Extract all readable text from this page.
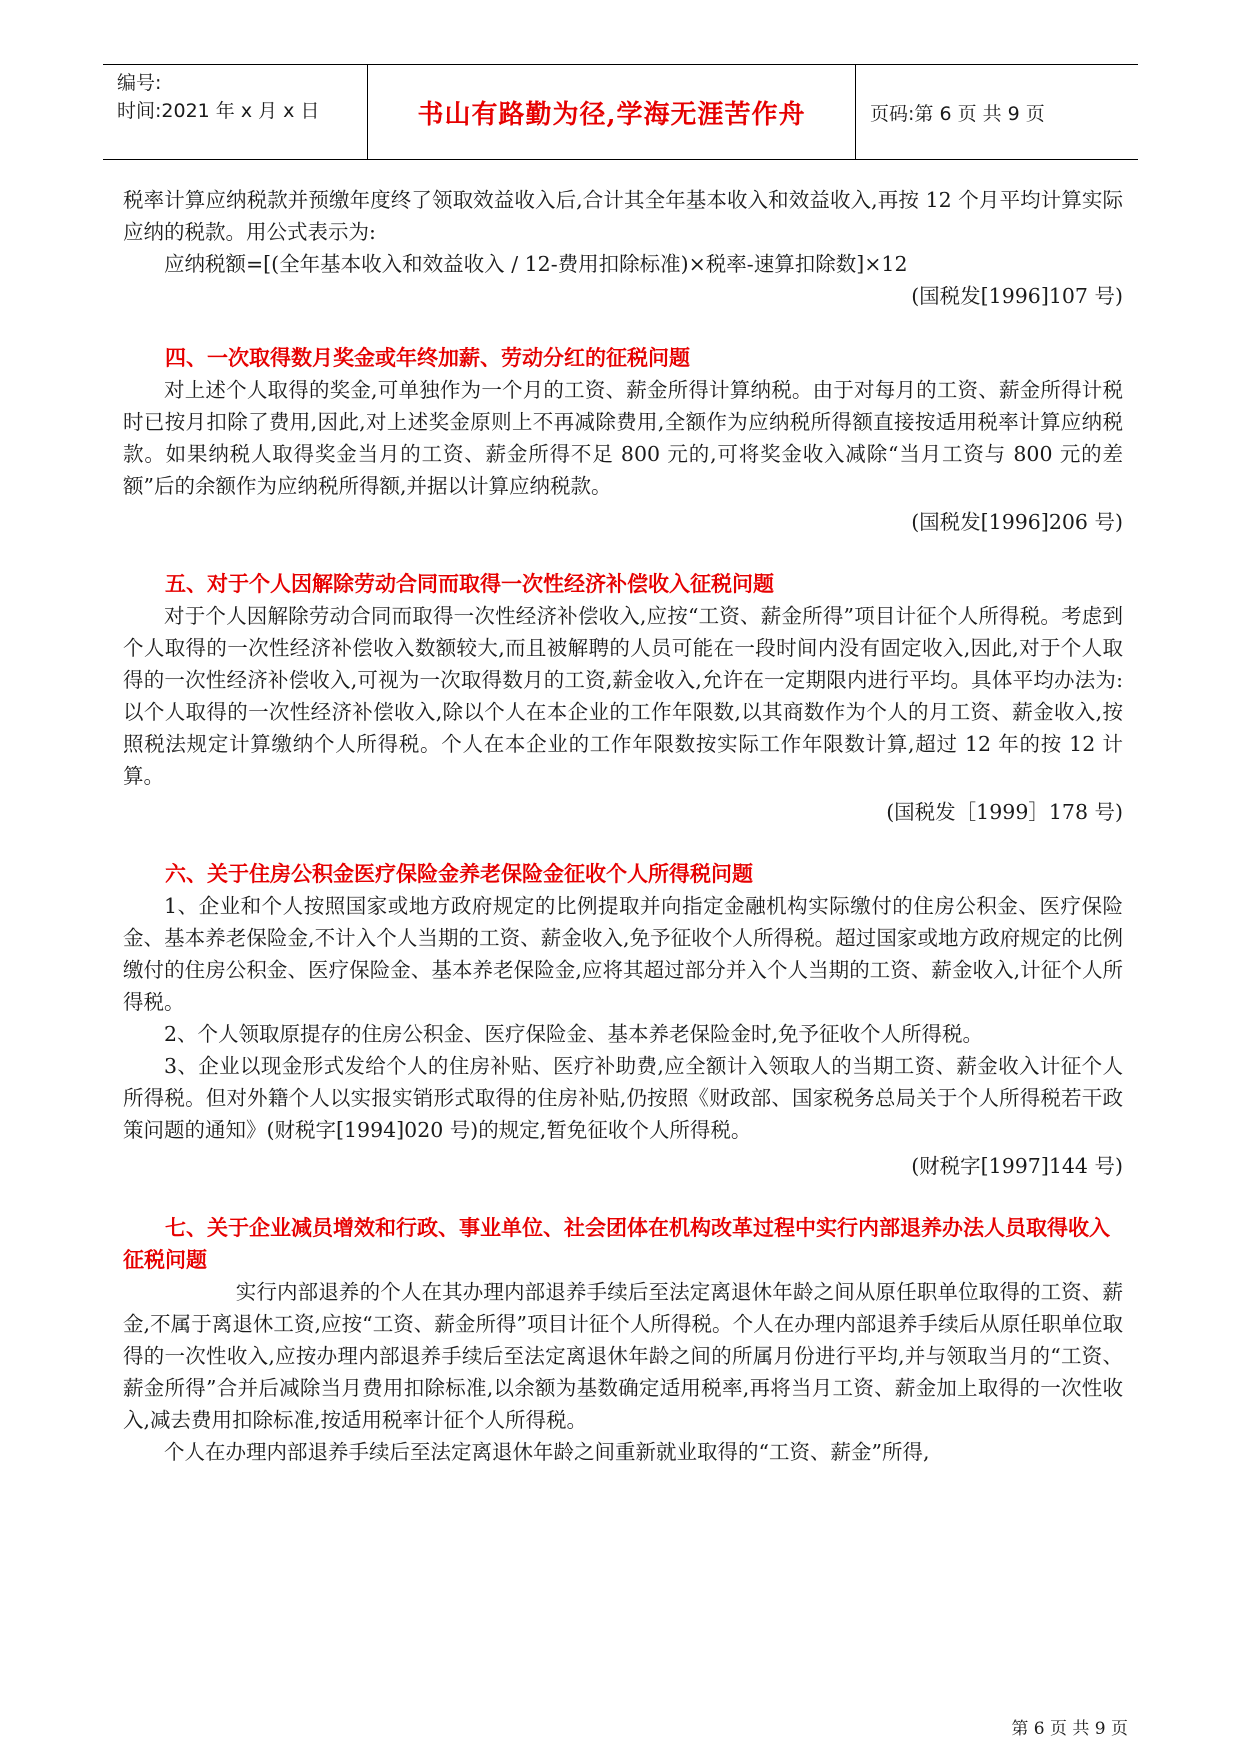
编号:
时间:2021 年 x 月 x 日	书山有路勤为径,学海无涯苦作舟	页码:第 6 页 共 9 页

税率计算应纳税款并预缴年度终了领取效益收入后,合计其全年基本收入和效益收入,再按 12 个月平均计算实际应纳的税款。用公式表示为:

应纳税额=[(全年基本收入和效益收入 / 12-费用扣除标准)×税率-速算扣除数]×12

(国税发[1996]107 号)

四、一次取得数月奖金或年终加薪、劳动分红的征税问题

对上述个人取得的奖金,可单独作为一个月的工资、薪金所得计算纳税。由于对每月的工资、薪金所得计税时已按月扣除了费用,因此,对上述奖金原则上不再减除费用,全额作为应纳税所得额直接按适用税率计算应纳税款。如果纳税人取得奖金当月的工资、薪金所得不足 800 元的,可将奖金收入减除“当月工资与 800 元的差额”后的余额作为应纳税所得额,并据以计算应纳税款。

(国税发[1996]206 号)

五、对于个人因解除劳动合同而取得一次性经济补偿收入征税问题

对于个人因解除劳动合同而取得一次性经济补偿收入,应按“工资、薪金所得”项目计征个人所得税。考虑到个人取得的一次性经济补偿收入数额较大,而且被解聘的人员可能在一段时间内没有固定收入,因此,对于个人取得的一次性经济补偿收入,可视为一次取得数月的工资,薪金收入,允许在一定期限内进行平均。具体平均办法为:以个人取得的一次性经济补偿收入,除以个人在本企业的工作年限数,以其商数作为个人的月工资、薪金收入,按照税法规定计算缴纳个人所得税。个人在本企业的工作年限数按实际工作年限数计算,超过 12 年的按 12 计算。

(国税发［1999］178 号)

六、关于住房公积金医疗保险金养老保险金征收个人所得税问题

1、企业和个人按照国家或地方政府规定的比例提取并向指定金融机构实际缴付的住房公积金、医疗保险金、基本养老保险金,不计入个人当期的工资、薪金收入,免予征收个人所得税。超过国家或地方政府规定的比例缴付的住房公积金、医疗保险金、基本养老保险金,应将其超过部分并入个人当期的工资、薪金收入,计征个人所得税。

2、个人领取原提存的住房公积金、医疗保险金、基本养老保险金时,免予征收个人所得税。

3、企业以现金形式发给个人的住房补贴、医疗补助费,应全额计入领取人的当期工资、薪金收入计征个人所得税。但对外籍个人以实报实销形式取得的住房补贴,仍按照《财政部、国家税务总局关于个人所得税若干政策问题的通知》(财税字[1994]020 号)的规定,暂免征收个人所得税。

(财税字[1997]144 号)

七、关于企业减员增效和行政、事业单位、社会团体在机构改革过程中实行内部退养办法人员取得收入征税问题

实行内部退养的个人在其办理内部退养手续后至法定离退休年龄之间从原任职单位取得的工资、薪金,不属于离退休工资,应按“工资、薪金所得”项目计征个人所得税。个人在办理内部退养手续后从原任职单位取得的一次性收入,应按办理内部退养手续后至法定离退休年龄之间的所属月份进行平均,并与领取当月的“工资、薪金所得”合并后减除当月费用扣除标准,以余额为基数确定适用税率,再将当月工资、薪金加上取得的一次性收入,减去费用扣除标准,按适用税率计征个人所得税。

个人在办理内部退养手续后至法定离退休年龄之间重新就业取得的“工资、薪金”所得,

第 6 页 共 9 页
